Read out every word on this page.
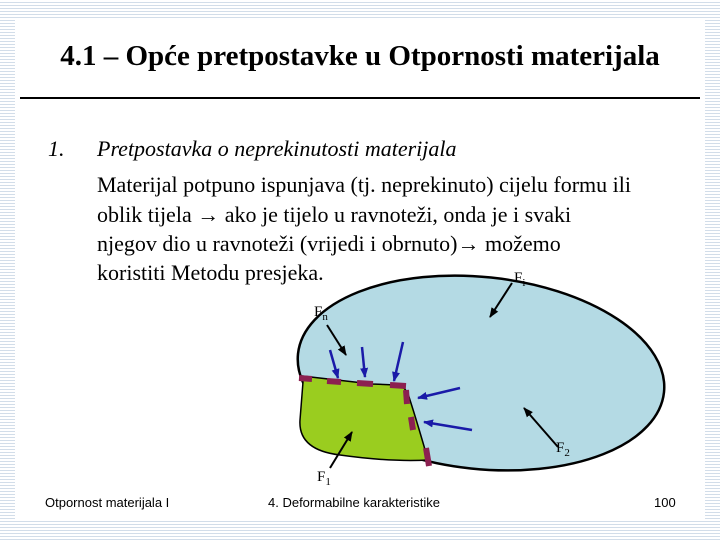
4.1 – Opće pretpostavke u Otpornosti materijala
1. Pretpostavka o neprekinutosti materijala
Materijal potpuno ispunjava (tj. neprekinuto) cijelu formu ili
oblik tijela → ako je tijelo u ravnoteži, onda je i svaki
njegov dio u ravnoteži (vrijedi i obrnuto)→ možemo
koristiti Metodu presjeka.	$F_i$
$F_n$
$F_2$
$F_1$
Otpornost materijala I	4. Deformabilne karakteristike	100
